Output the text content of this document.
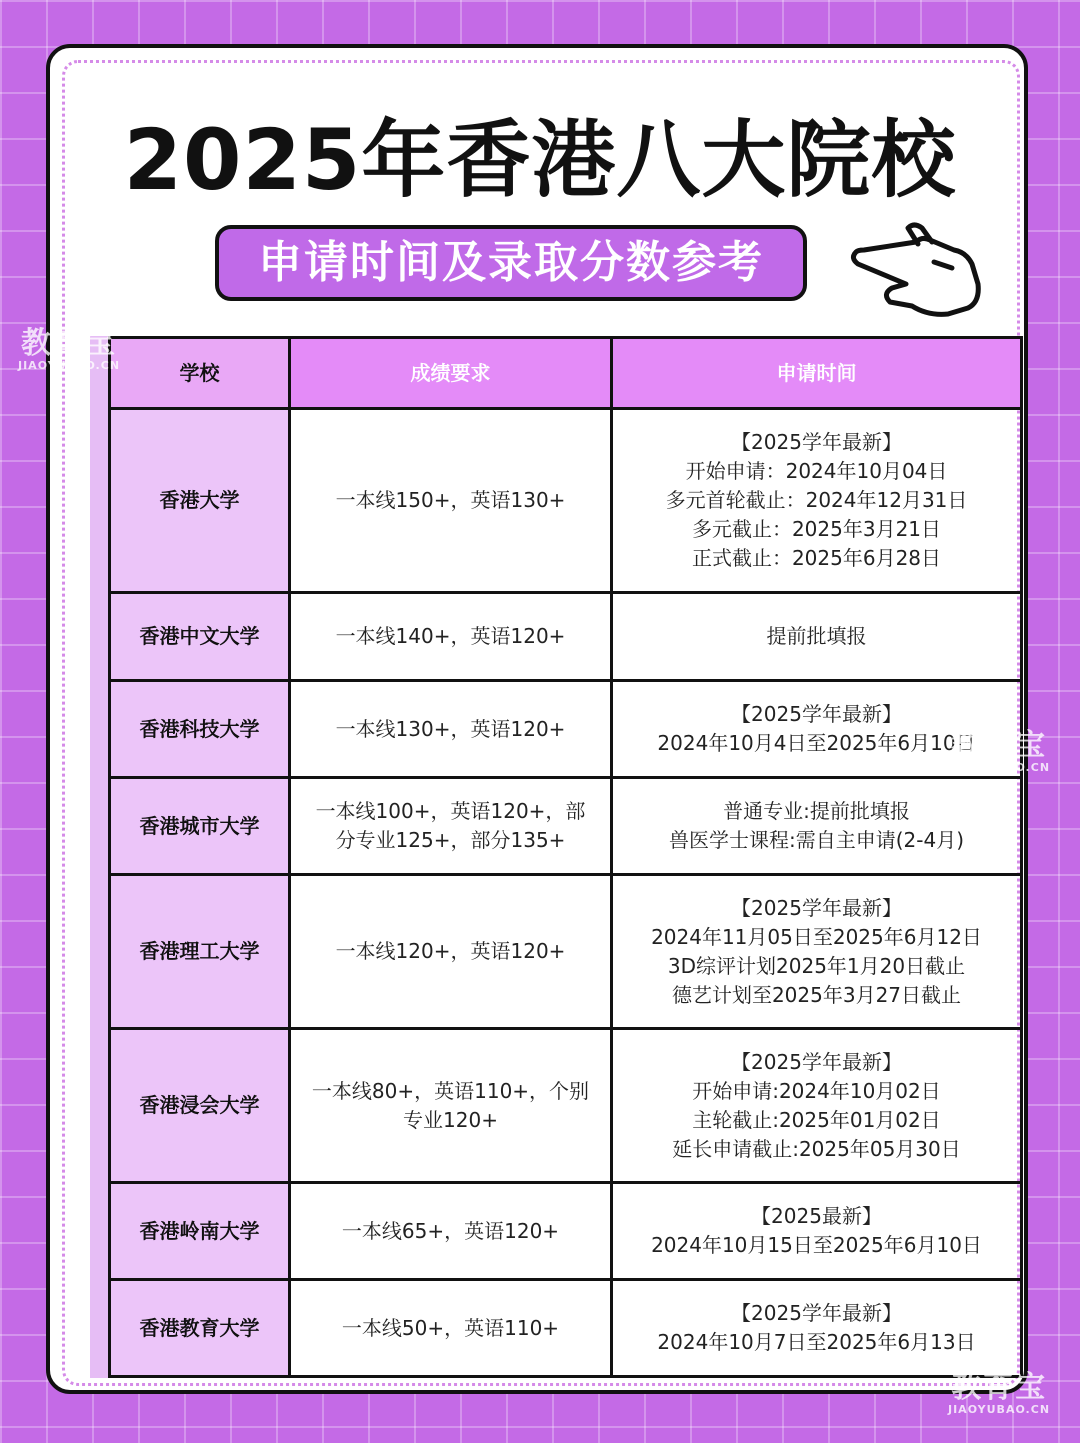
2025年香港八大院校
申请时间及录取分数参考
学校	成绩要求	申请时间
香港大学	一本线150+，英语130+	【2025学年最新】
开始申请：2024年10月04日
多元首轮截止：2024年12月31日
多元截止：2025年3月21日
正式截止：2025年6月28日

香港中文大学	一本线140+，英语120+	提前批填报

香港科技大学	一本线130+，英语120+	【2025学年最新】
2024年10月4日至2025年6月10日

香港城市大学	一本线100+，英语120+，部
分专业125+，部分135+	普通专业:提前批填报
兽医学士课程:需自主申请(2-4月)

香港理工大学	一本线120+，英语120+	【2025学年最新】
2024年11月05日至2025年6月12日
3D综评计划2025年1月20日截止
德艺计划至2025年3月27日截止

香港浸会大学	一本线80+，英语110+，个别
专业120+	【2025学年最新】
开始申请:2024年10月02日
主轮截止:2025年01月02日
延长申请截止:2025年05月30日

香港岭南大学	一本线65+，英语120+	【2025最新】
2024年10月15日至2025年6月10日

香港教育大学	一本线50+，英语110+	【2025学年最新】
2024年10月7日至2025年6月13日
教育宝
JIAOYUBAO.CN
教育宝
JIAOYUBAO.CN
教育宝
JIAOYUBAO.CN
